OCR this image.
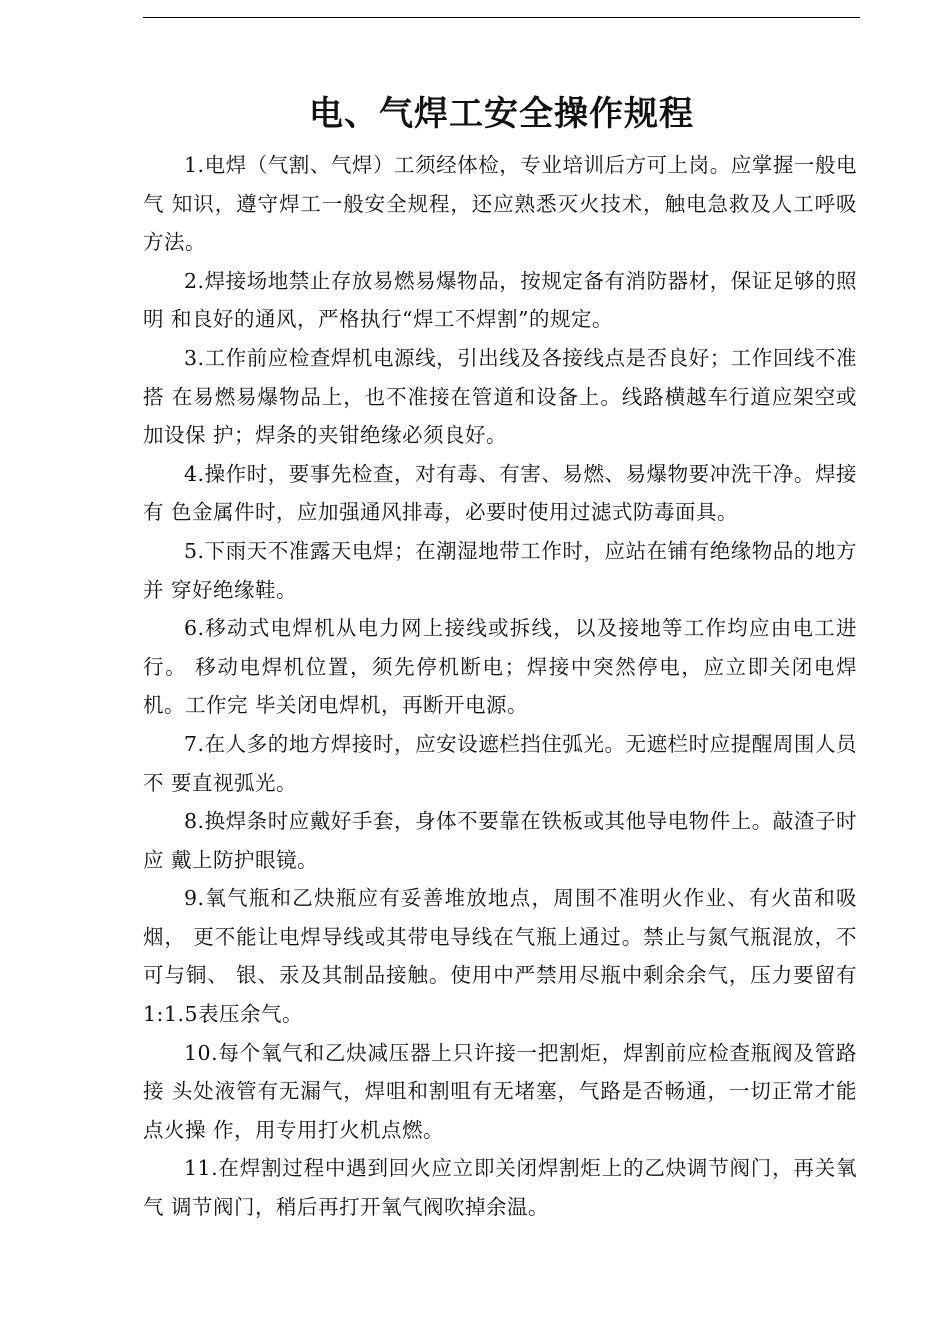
电、气焊工安全操作规程

1.电焊（气割、气焊）工须经体检，专业培训后方可上岗。应掌握一般电气 知识，遵守焊工一般安全规程，还应熟悉灭火技术，触电急救及人工呼吸方法。

2.焊接场地禁止存放易燃易爆物品，按规定备有消防器材，保证足够的照明 和良好的通风，严格执行“焊工不焊割”的规定。

3.工作前应检查焊机电源线，引出线及各接线点是否良好；工作回线不准搭 在易燃易爆物品上，也不准接在管道和设备上。线路横越车行道应架空或加设保 护；焊条的夹钳绝缘必须良好。

4.操作时，要事先检查，对有毒、有害、易燃、易爆物要冲洗干净。焊接有 色金属件时，应加强通风排毒，必要时使用过滤式防毒面具。

5.下雨天不准露天电焊；在潮湿地带工作时，应站在铺有绝缘物品的地方并 穿好绝缘鞋。

6.移动式电焊机从电力网上接线或拆线，以及接地等工作均应由电工进行。 移动电焊机位置，须先停机断电；焊接中突然停电，应立即关闭电焊机。工作完 毕关闭电焊机，再断开电源。

7.在人多的地方焊接时，应安设遮栏挡住弧光。无遮栏时应提醒周围人员不 要直视弧光。

8.换焊条时应戴好手套，身体不要靠在铁板或其他导电物件上。敲渣子时应 戴上防护眼镜。

9.氧气瓶和乙炔瓶应有妥善堆放地点，周围不准明火作业、有火苗和吸烟， 更不能让电焊导线或其带电导线在气瓶上通过。禁止与氮气瓶混放，不可与铜、 银、汞及其制品接触。使用中严禁用尽瓶中剩余余气，压力要留有1:1.5表压余气。

10.每个氧气和乙炔减压器上只许接一把割炬，焊割前应检查瓶阀及管路接 头处液管有无漏气，焊咀和割咀有无堵塞，气路是否畅通，一切正常才能点火操 作，用专用打火机点燃。

11.在焊割过程中遇到回火应立即关闭焊割炬上的乙炔调节阀门，再关氧气 调节阀门，稍后再打开氧气阀吹掉余温。
